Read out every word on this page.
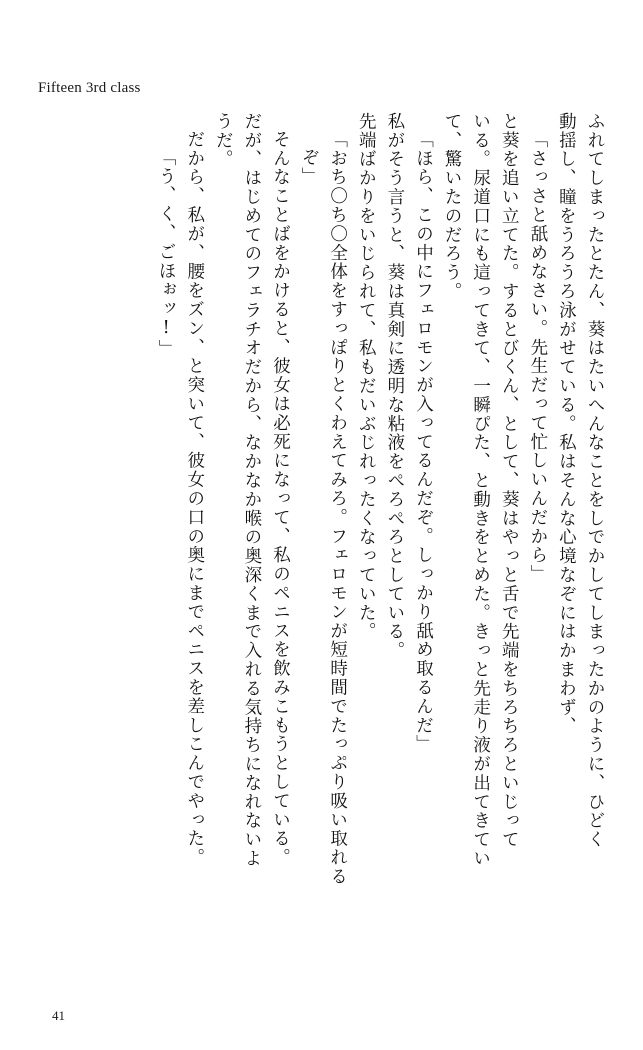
Fifteen 3rd class
ふれてしまったとたん、葵はたいへんなことをしでかしてしまったかのように、ひどく
動揺し、瞳をうろうろ泳がせている。私はそんな心境なぞにはかまわず、
「さっさと舐めなさい。先生だって忙しいんだから」
と葵を追い立てた。するとびくん、として、葵はやっと舌で先端をちろちろといじって
いる。尿道口にも這ってきて、一瞬ぴた、と動きをとめた。きっと先走り液が出てきてい
て、驚いたのだろう。
「ほら、この中にフェロモンが入ってるんだぞ。しっかり舐め取るんだ」
私がそう言うと、葵は真剣に透明な粘液をぺろぺろとしている。
先端ばかりをいじられて、私もだいぶじれったくなっていた。
「おち〇ち〇全体をすっぽりとくわえてみろ。フェロモンが短時間でたっぷり吸い取れる
ぞ」
そんなことばをかけると、彼女は必死になって、私のペニスを飲みこもうとしている。
だが、はじめてのフェラチオだから、なかなか喉の奥深くまで入れる気持ちになれないよ
うだ。
だから、私が、腰をズン、と突いて、彼女の口の奥にまでペニスを差しこんでやった。
「う、く、ごほぉッ!」
41
